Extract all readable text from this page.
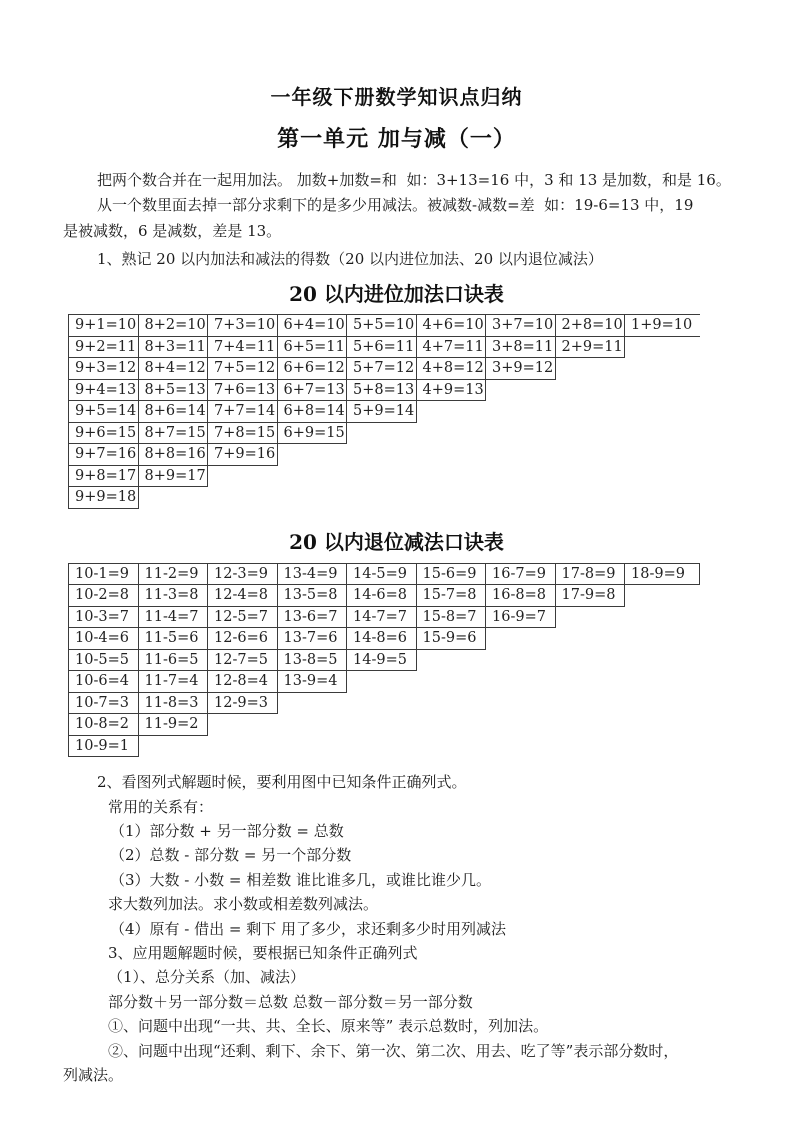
一年级下册数学知识点归纳
第一单元 加与减（一）
把两个数合并在一起用加法。 加数+加数=和  如：3+13=16 中，3 和 13 是加数，和是 16。
从一个数里面去掉一部分求剩下的是多少用减法。被减数-减数=差  如：19-6=13 中，19
是被减数，6 是减数，差是 13。
1、熟记 20 以内加法和减法的得数（20 以内进位加法、20 以内退位减法）
20 以内进位加法口诀表
9+1=10 8+2=10 7+3=10 6+4=10 5+5=10 4+6=10 3+7=10 2+8=10 1+9=10
9+2=11 8+3=11 7+4=11 6+5=11 5+6=11 4+7=11 3+8=11 2+9=11
9+3=12 8+4=12 7+5=12 6+6=12 5+7=12 4+8=12 3+9=12
9+4=13 8+5=13 7+6=13 6+7=13 5+8=13 4+9=13
9+5=14 8+6=14 7+7=14 6+8=14 5+9=14
9+6=15 8+7=15 7+8=15 6+9=15
9+7=16 8+8=16 7+9=16
9+8=17 8+9=17
9+9=18
20 以内退位减法口诀表
10-1=9	11-2=9	12-3=9	13-4=9	14-5=9	15-6=9	16-7=9	17-8=9	18-9=9
10-2=8	11-3=8	12-4=8	13-5=8	14-6=8	15-7=8	16-8=8	17-9=8
10-3=7	11-4=7	12-5=7	13-6=7	14-7=7	15-8=7	16-9=7
10-4=6	11-5=6	12-6=6	13-7=6	14-8=6	15-9=6
10-5=5	11-6=5	12-7=5	13-8=5	14-9=5
10-6=4	11-7=4	12-8=4	13-9=4
10-7=3	11-8=3	12-9=3
10-8=2	11-9=2
10-9=1
2、看图列式解题时候，要利用图中已知条件正确列式。
常用的关系有：
（1）部分数 + 另一部分数 = 总数
（2）总数 - 部分数 = 另一个部分数
（3）大数 - 小数 = 相差数 谁比谁多几，或谁比谁少几。
求大数列加法。求小数或相差数列减法。
（4）原有 - 借出 = 剩下 用了多少，求还剩多少时用列减法
3、应用题解题时候，要根据已知条件正确列式
（1）、总分关系（加、减法）
部分数＋另一部分数＝总数 总数－部分数＝另一部分数
①、问题中出现“一共、共、全长、原来等” 表示总数时，列加法。
②、问题中出现“还剩、剩下、余下、第一次、第二次、用去、吃了等”表示部分数时，
列减法。
